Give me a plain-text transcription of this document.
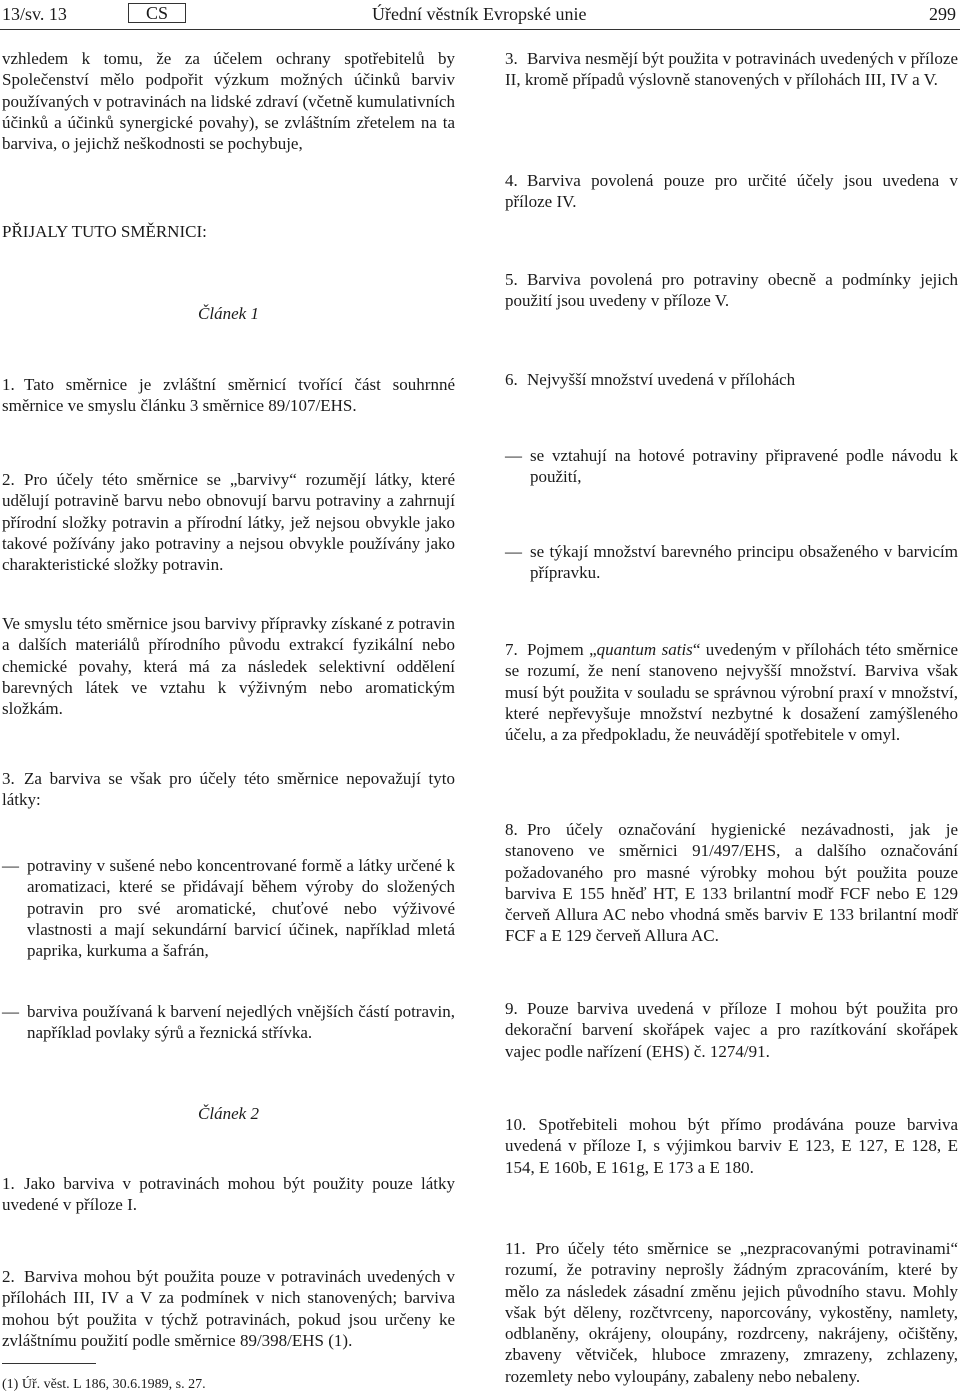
13/sv. 13	CS	Úřední věstník Evropské unie	299
vzhledem k tomu, že za účelem ochrany spotřebitelů by Společenství mělo podpořit výzkum možných účinků barviv používaných v potravinách na lidské zdraví (včetně kumulativních účinků a účinků synergické povahy), se zvláštním zřetelem na ta barviva, o jejichž neškodnosti se pochybuje,
PŘIJALY TUTO SMĚRNICI:
Článek 1
1. Tato směrnice je zvláštní směrnicí tvořící část souhrnné směrnice ve smyslu článku 3 směrnice 89/107/EHS.
2. Pro účely této směrnice se „barvivy“ rozumějí látky, které udělují potravině barvu nebo obnovují barvu potraviny a zahrnují přírodní složky potravin a přírodní látky, jež nejsou obvykle jako takové požívány jako potraviny a nejsou obvykle používány jako charakteristické složky potravin.
Ve smyslu této směrnice jsou barvivy přípravky získané z potravin a dalších materiálů přírodního původu extrakcí fyzikální nebo chemické povahy, která má za následek selektivní oddělení barevných látek ve vztahu k výživným nebo aromatickým složkám.
3. Za barviva se však pro účely této směrnice nepovažují tyto látky:
— potraviny v sušené nebo koncentrované formě a látky určené k aromatizaci, které se přidávají během výroby do složených potravin pro své aromatické, chuťové nebo výživové vlastnosti a mají sekundární barvicí účinek, například mletá paprika, kurkuma a šafrán,
— barviva používaná k barvení nejedlých vnějších částí potravin, například povlaky sýrů a řeznická střívka.
Článek 2
1. Jako barviva v potravinách mohou být použity pouze látky uvedené v příloze I.
2. Barviva mohou být použita pouze v potravinách uvedených v přílohách III, IV a V za podmínek v nich stanovených; barviva mohou být použita v týchž potravinách, pokud jsou určeny ke zvláštnímu použití podle směrnice 89/398/EHS (1).
3. Barviva nesmějí být použita v potravinách uvedených v příloze II, kromě případů výslovně stanovených v přílohách III, IV a V.
4. Barviva povolená pouze pro určité účely jsou uvedena v příloze IV.
5. Barviva povolená pro potraviny obecně a podmínky jejich použití jsou uvedeny v příloze V.
6. Nejvyšší množství uvedená v přílohách
— se vztahují na hotové potraviny připravené podle návodu k použití,
— se týkají množství barevného principu obsaženého v barvicím přípravku.
7. Pojmem „quantum satis“ uvedeným v přílohách této směrnice se rozumí, že není stanoveno nejvyšší množství. Barviva však musí být použita v souladu se správnou výrobní praxí v množství, které nepřevyšuje množství nezbytné k dosažení zamýšleného účelu, a za předpokladu, že neuvádějí spotřebitele v omyl.
8. Pro účely označování hygienické nezávadnosti, jak je stanoveno ve směrnici 91/497/EHS, a dalšího označování požadovaného pro masné výrobky mohou být použita pouze barviva E 155 hněď HT, E 133 brilantní modř FCF nebo E 129 červeň Allura AC nebo vhodná směs barviv E 133 brilantní modř FCF a E 129 červeň Allura AC.
9. Pouze barviva uvedená v příloze I mohou být použita pro dekorační barvení skořápek vajec a pro razítkování skořápek vajec podle nařízení (EHS) č. 1274/91.
10. Spotřebiteli mohou být přímo prodávána pouze barviva uvedená v příloze I, s výjimkou barviv E 123, E 127, E 128, E 154, E 160b, E 161g, E 173 a E 180.
11. Pro účely této směrnice se „nezpracovanými potravinami“ rozumí, že potraviny neprošly žádným zpracováním, které by mělo za následek zásadní změnu jejich původního stavu. Mohly však být děleny, rozčtvrceny, naporcovány, vykostěny, namlety, odblaněny, okrájeny, oloupány, rozdrceny, nakrájeny, očištěny, zbaveny větviček, hluboce zmrazeny, zmrazeny, zchlazeny, rozemlety nebo vyloupány, zabaleny nebo nebaleny.
(1) Úř. věst. L 186, 30.6.1989, s. 27.
